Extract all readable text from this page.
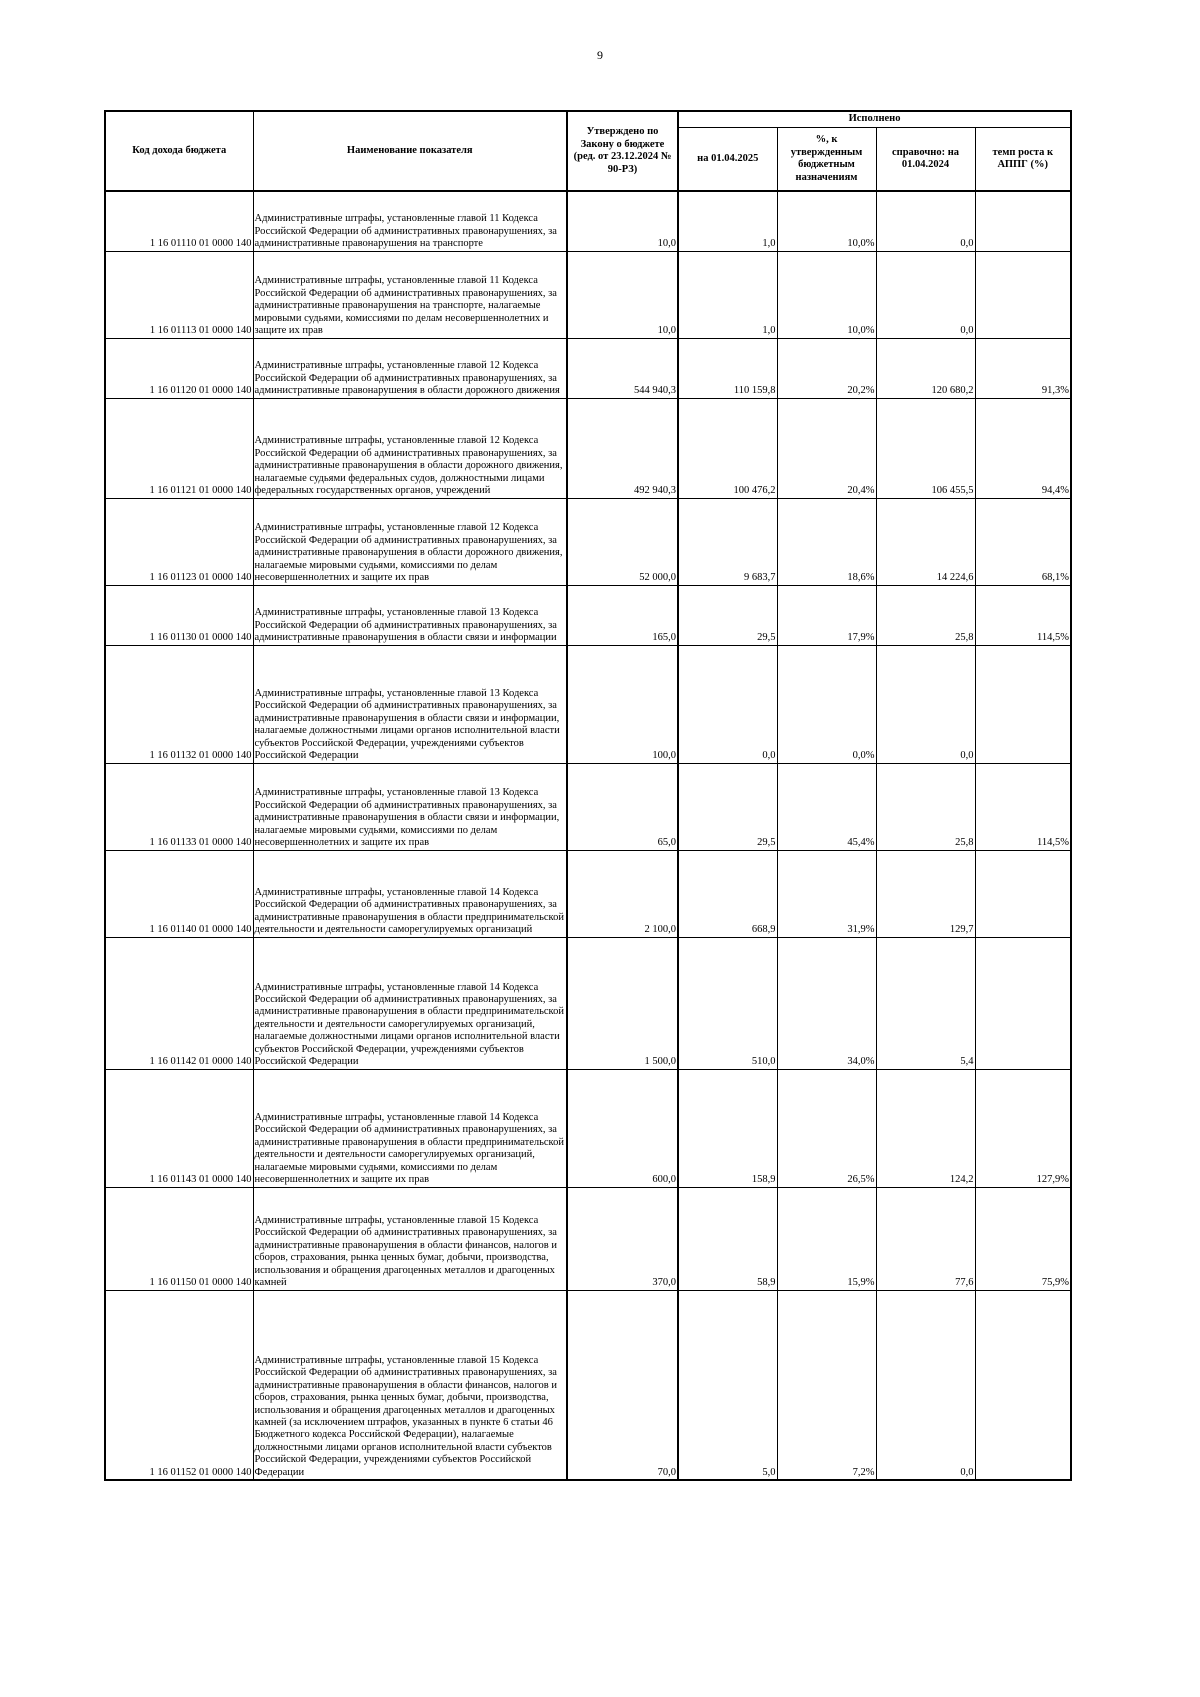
9
Код дохода бюджета	Наименование показателя	Утверждено по Закону о бюджете (ред. от 23.12.2024 № 90-РЗ)	Исполнено			
			на 01.04.2025	%, к утвержденным бюджетным назначениям	справочно: на 01.04.2024	темп роста к АППГ (%)
1 16 01110 01 0000 140	Административные штрафы, установленные главой 11 Кодекса Российской Федерации об административных правонарушениях, за административные правонарушения на транспорте	10,0	1,0	10,0%	0,0	
1 16 01113 01 0000 140	Административные штрафы, установленные главой 11 Кодекса Российской Федерации об административных правонарушениях, за административные правонарушения на транспорте, налагаемые мировыми судьями, комиссиями по делам несовершеннолетних и защите их прав	10,0	1,0	10,0%	0,0	
1 16 01120 01 0000 140	Административные штрафы, установленные главой 12 Кодекса Российской Федерации об административных правонарушениях, за административные правонарушения в области дорожного движения	544 940,3	110 159,8	20,2%	120 680,2	91,3%
1 16 01121 01 0000 140	Административные штрафы, установленные главой 12 Кодекса Российской Федерации об административных правонарушениях, за административные правонарушения в области дорожного движения, налагаемые судьями федеральных судов, должностными лицами федеральных государственных органов, учреждений	492 940,3	100 476,2	20,4%	106 455,5	94,4%
1 16 01123 01 0000 140	Административные штрафы, установленные главой 12 Кодекса Российской Федерации об административных правонарушениях, за административные правонарушения в области дорожного движения, налагаемые мировыми судьями, комиссиями по делам несовершеннолетних и защите их прав	52 000,0	9 683,7	18,6%	14 224,6	68,1%
1 16 01130 01 0000 140	Административные штрафы, установленные главой 13 Кодекса Российской Федерации об административных правонарушениях, за административные правонарушения в области связи и информации	165,0	29,5	17,9%	25,8	114,5%
1 16 01132 01 0000 140	Административные штрафы, установленные главой 13 Кодекса Российской Федерации об административных правонарушениях, за административные правонарушения в области связи и информации, налагаемые должностными лицами органов исполнительной власти субъектов Российской Федерации, учреждениями субъектов Российской Федерации	100,0	0,0	0,0%	0,0	
1 16 01133 01 0000 140	Административные штрафы, установленные главой 13 Кодекса Российской Федерации об административных правонарушениях, за административные правонарушения в области связи и информации, налагаемые мировыми судьями, комиссиями по делам несовершеннолетних и защите их прав	65,0	29,5	45,4%	25,8	114,5%
1 16 01140 01 0000 140	Административные штрафы, установленные главой 14 Кодекса Российской Федерации об административных правонарушениях, за административные правонарушения в области предпринимательской деятельности и деятельности саморегулируемых организаций	2 100,0	668,9	31,9%	129,7	
1 16 01142 01 0000 140	Административные штрафы, установленные главой 14 Кодекса Российской Федерации об административных правонарушениях, за административные правонарушения в области предпринимательской деятельности и деятельности саморегулируемых организаций, налагаемые должностными лицами органов исполнительной власти субъектов Российской Федерации, учреждениями субъектов Российской Федерации	1 500,0	510,0	34,0%	5,4	
1 16 01143 01 0000 140	Административные штрафы, установленные главой 14 Кодекса Российской Федерации об административных правонарушениях, за административные правонарушения в области предпринимательской деятельности и деятельности саморегулируемых организаций, налагаемые мировыми судьями, комиссиями по делам несовершеннолетних и защите их прав	600,0	158,9	26,5%	124,2	127,9%
1 16 01150 01 0000 140	Административные штрафы, установленные главой 15 Кодекса Российской Федерации об административных правонарушениях, за административные правонарушения в области финансов, налогов и сборов, страхования, рынка ценных бумаг, добычи, производства, использования и обращения драгоценных металлов и драгоценных камней	370,0	58,9	15,9%	77,6	75,9%
1 16 01152 01 0000 140	Административные штрафы, установленные главой 15 Кодекса Российской Федерации об административных правонарушениях, за административные правонарушения в области финансов, налогов и сборов, страхования, рынка ценных бумаг, добычи, производства, использования и обращения драгоценных металлов и драгоценных камней (за исключением штрафов, указанных в пункте 6 статьи 46 Бюджетного кодекса Российской Федерации), налагаемые должностными лицами органов исполнительной власти субъектов Российской Федерации, учреждениями субъектов Российской Федерации	70,0	5,0	7,2%	0,0	
